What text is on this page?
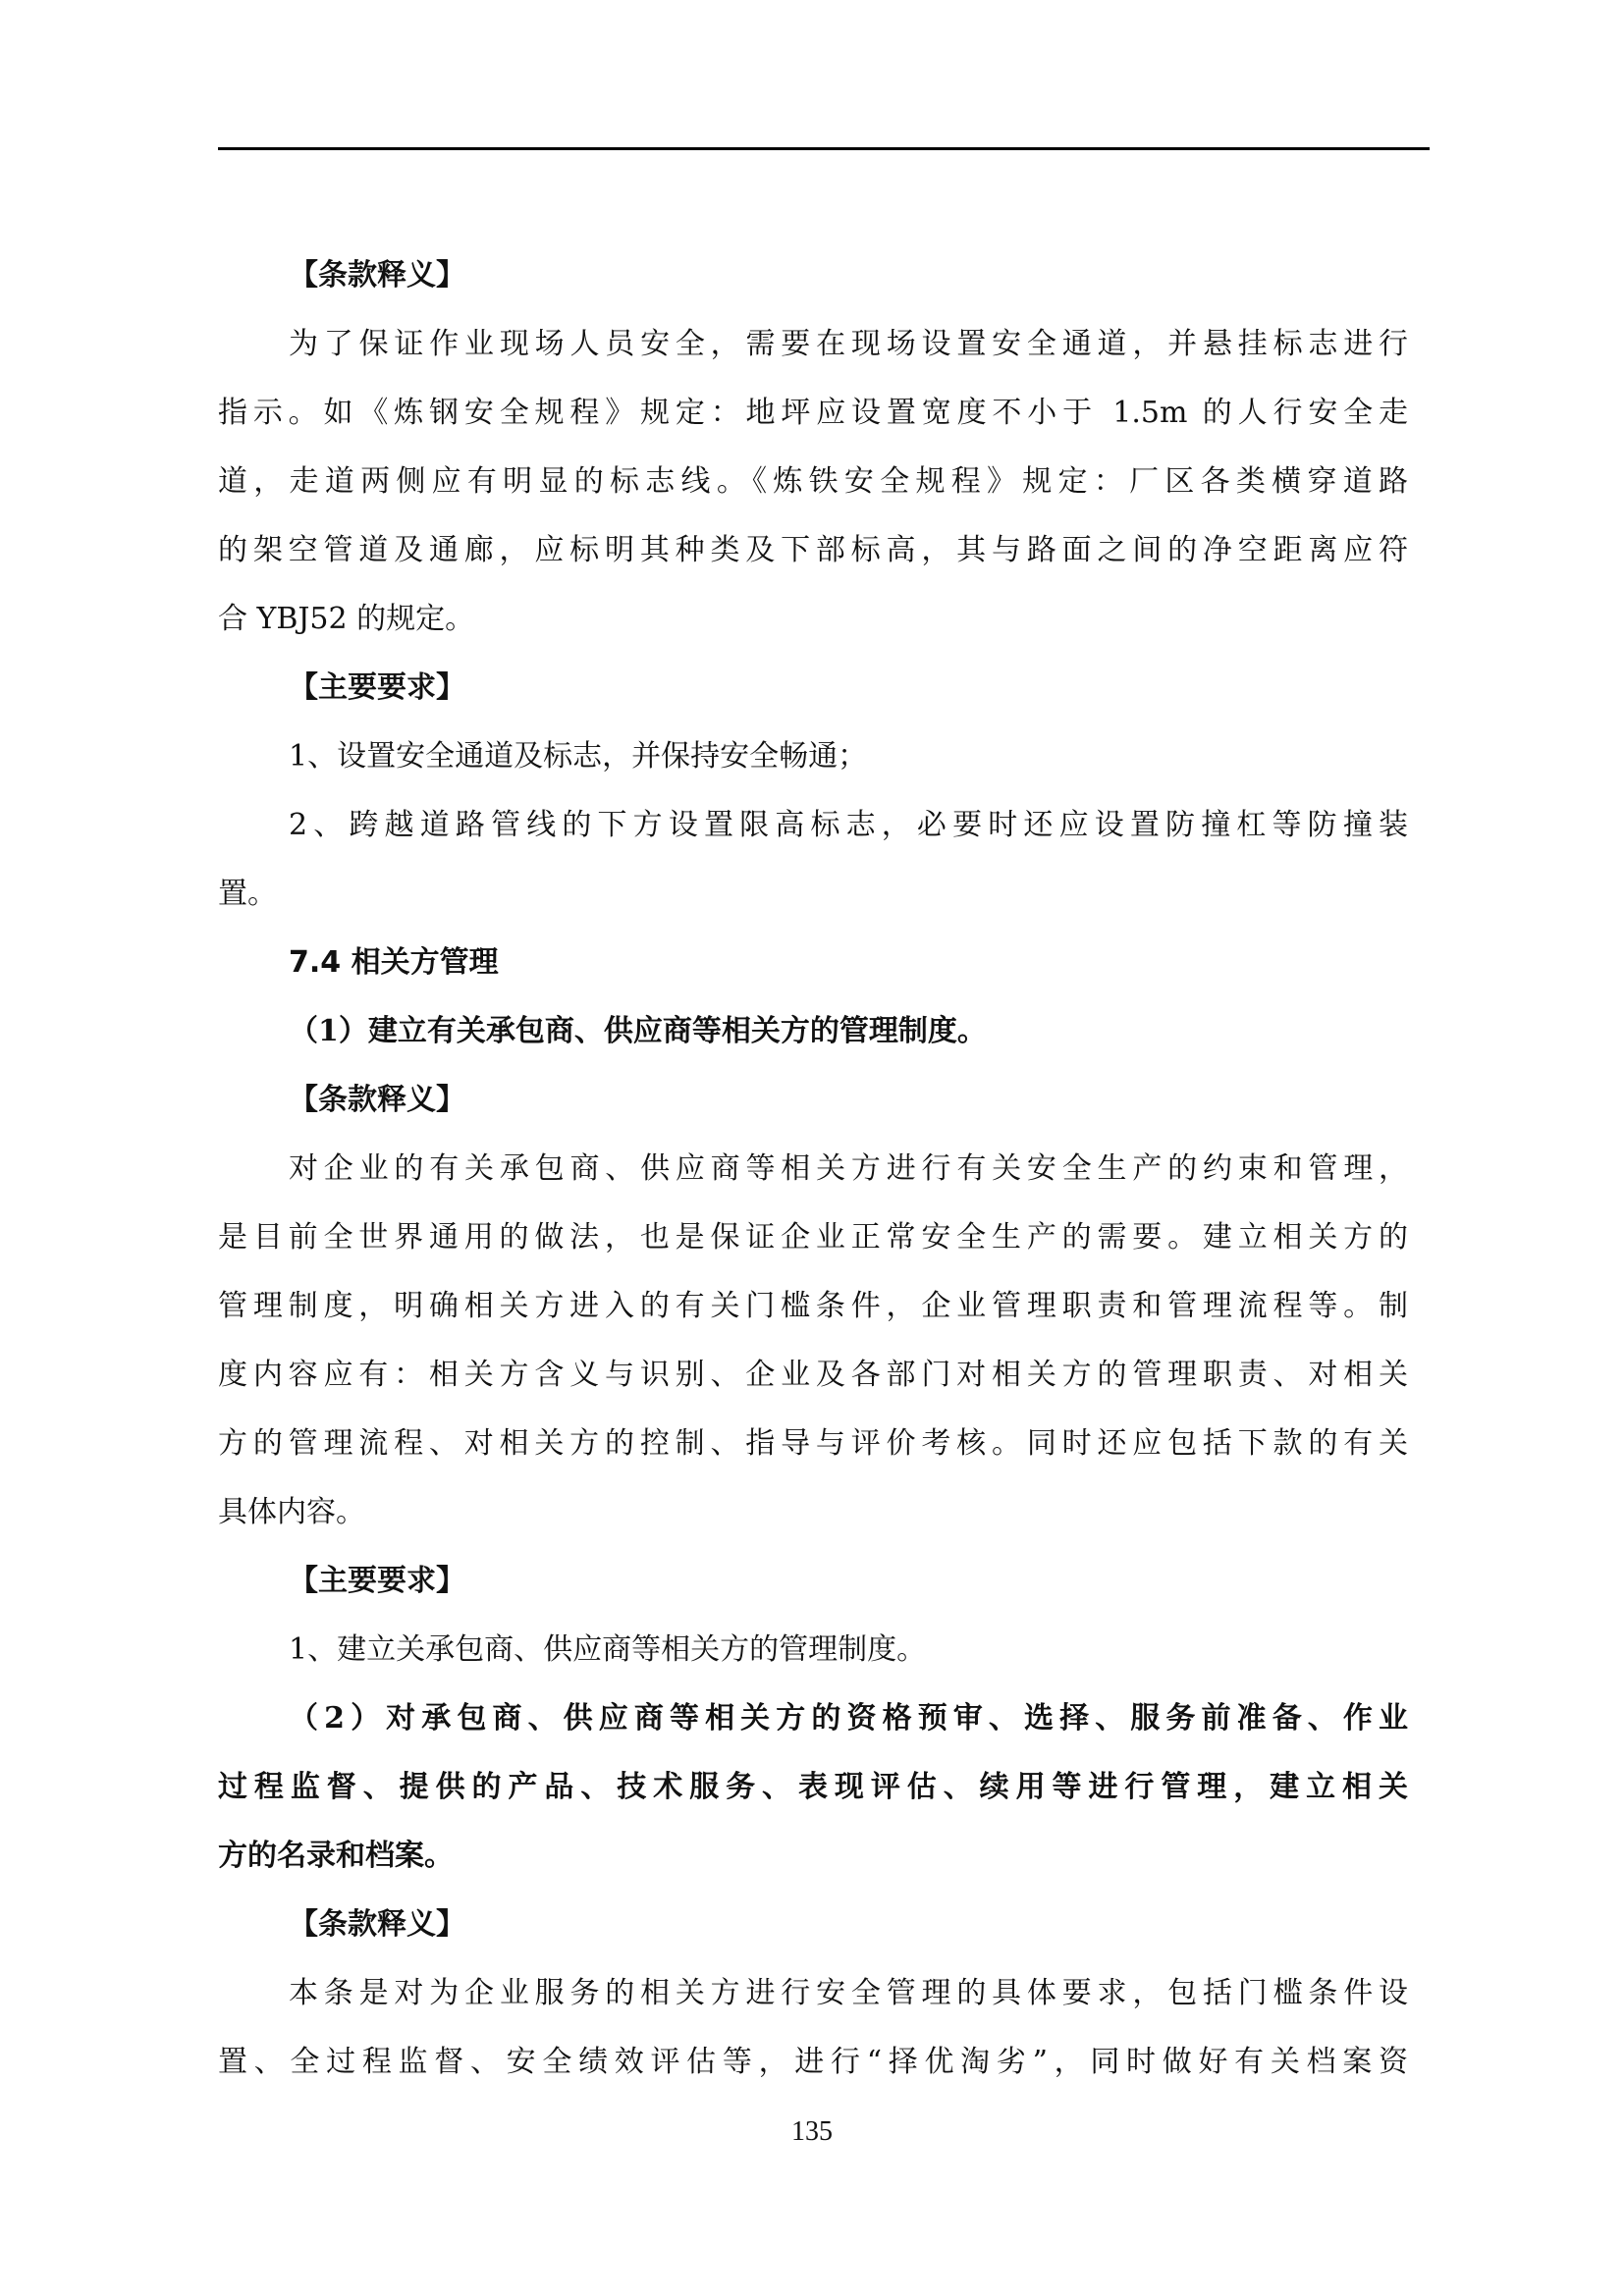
【条款释义】
为了保证作业现场人员安全，需要在现场设置安全通道，并悬挂标志进行
指示。如《炼钢安全规程》规定：地坪应设置宽度不小于 1.5m 的人行安全走
道，走道两侧应有明显的标志线。《炼铁安全规程》规定：厂区各类横穿道路
的架空管道及通廊，应标明其种类及下部标高，其与路面之间的净空距离应符
合 YBJ52 的规定。
【主要要求】
1、设置安全通道及标志，并保持安全畅通；
2、跨越道路管线的下方设置限高标志，必要时还应设置防撞杠等防撞装
置。
7.4 相关方管理
（1）建立有关承包商、供应商等相关方的管理制度。
【条款释义】
对企业的有关承包商、供应商等相关方进行有关安全生产的约束和管理，
是目前全世界通用的做法，也是保证企业正常安全生产的需要。建立相关方的
管理制度，明确相关方进入的有关门槛条件，企业管理职责和管理流程等。制
度内容应有：相关方含义与识别、企业及各部门对相关方的管理职责、对相关
方的管理流程、对相关方的控制、指导与评价考核。同时还应包括下款的有关
具体内容。
【主要要求】
1、建立关承包商、供应商等相关方的管理制度。
（2）对承包商、供应商等相关方的资格预审、选择、服务前准备、作业
过程监督、提供的产品、技术服务、表现评估、续用等进行管理，建立相关
方的名录和档案。
【条款释义】
本条是对为企业服务的相关方进行安全管理的具体要求，包括门槛条件设
置、全过程监督、安全绩效评估等，进行“择优淘劣”，同时做好有关档案资
135
